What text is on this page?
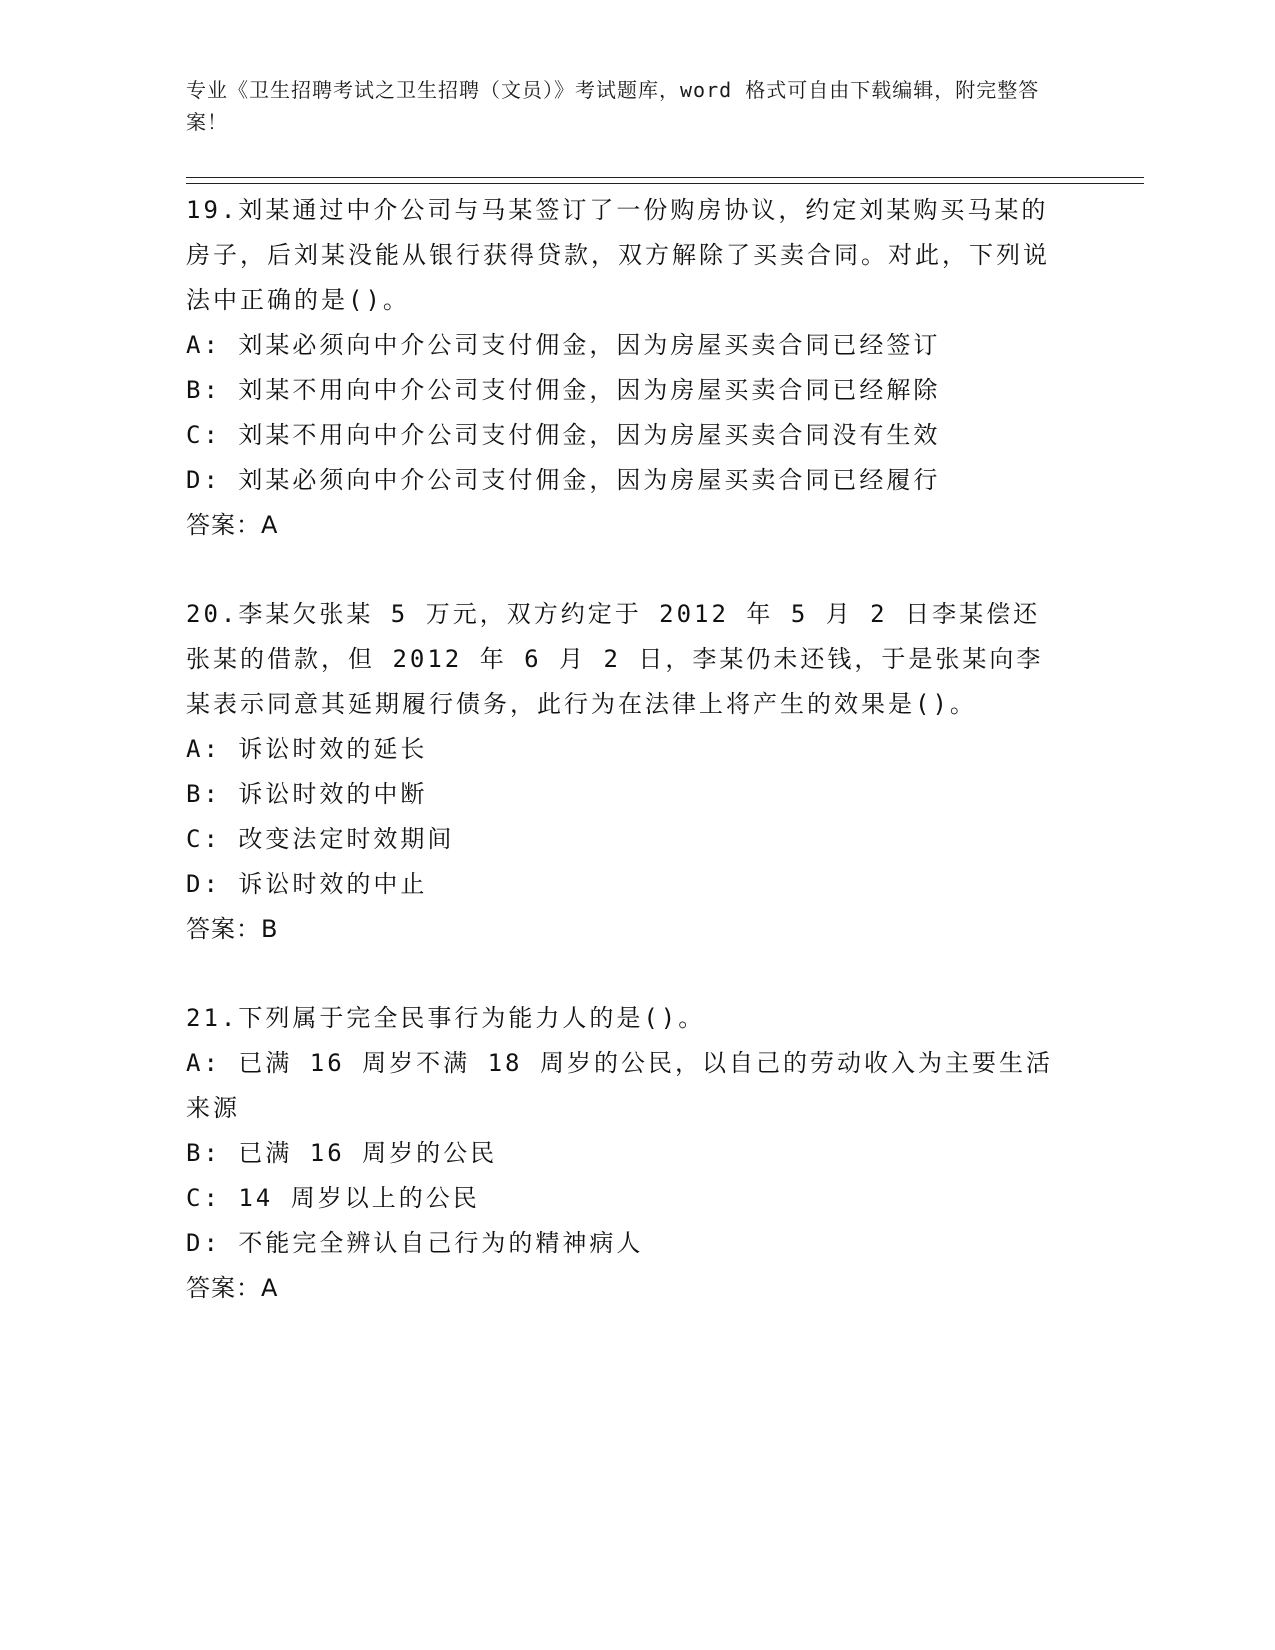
专业《卫生招聘考试之卫生招聘（文员）》考试题库，word 格式可自由下载编辑，附完整答案！
19.刘某通过中介公司与马某签订了一份购房协议，约定刘某购买马某的房子，后刘某没能从银行获得贷款，双方解除了买卖合同。对此，下列说法中正确的是()。
A: 刘某必须向中介公司支付佣金，因为房屋买卖合同已经签订
B: 刘某不用向中介公司支付佣金，因为房屋买卖合同已经解除
C: 刘某不用向中介公司支付佣金，因为房屋买卖合同没有生效
D: 刘某必须向中介公司支付佣金，因为房屋买卖合同已经履行
答案：A
20.李某欠张某 5 万元，双方约定于 2012 年 5 月 2 日李某偿还张某的借款，但 2012 年 6 月 2 日，李某仍未还钱，于是张某向李某表示同意其延期履行债务，此行为在法律上将产生的效果是()。
A: 诉讼时效的延长
B: 诉讼时效的中断
C: 改变法定时效期间
D: 诉讼时效的中止
答案：B
21.下列属于完全民事行为能力人的是()。
A: 已满 16 周岁不满 18 周岁的公民，以自己的劳动收入为主要生活来源
B: 已满 16 周岁的公民
C: 14 周岁以上的公民
D: 不能完全辨认自己行为的精神病人
答案：A
